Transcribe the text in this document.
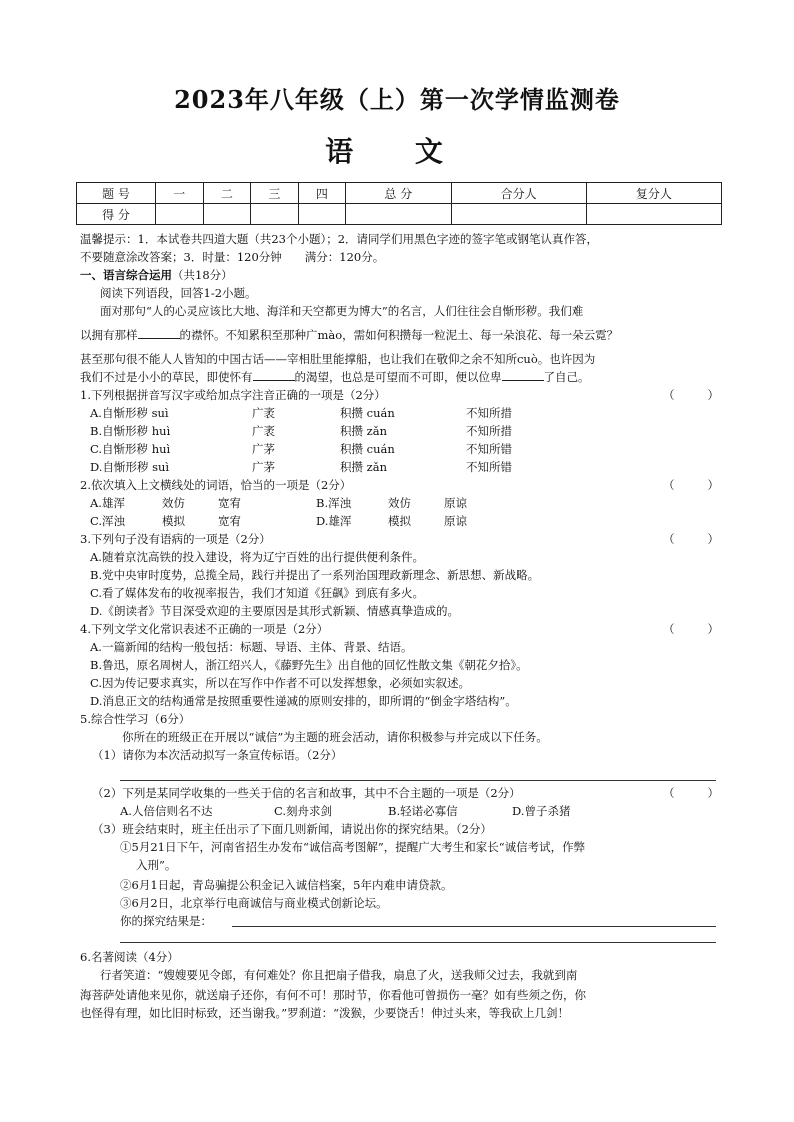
2023年八年级（上）第一次学情监测卷
语 文
题 号	一	二	三	四	总 分	合分人	复分人
得 分							
温馨提示：1．本试卷共四道大题（共23个小题）；2．请同学们用黑色字迹的签字笔或钢笔认真作答，
不要随意涂改答案；3．时量：120分钟　　满分：120分。
一、语言综合运用（共18分）
阅读下列语段，回答1-2小题。
面对那句“人的心灵应该比大地、海洋和天空都更为博大”的名言，人们往往会自惭形秽。我们难
以拥有那样	的襟怀。不知累积至那种广mào，需如何积攒每一粒泥土、每一朵浪花、每一朵云霓？
甚至那句很不能人人皆知的中国古话——宰相肚里能撑船，也让我们在敬仰之余不知所cuò。也许因为
我们不过是小小的草民，即使怀有	的渴望，也总是可望而不可即，便以位卑	了自己。
1.下列根据拼音写汉字或给加点字注音正确的一项是（2分）	（	）
A.自惭形秽 suì	广袤	积攒 cuán	不知所措
B.自惭形秽 huì	广袤	积攒 zǎn	不知所措
C.自惭形秽 huì	广茅	积攒 cuán	不知所错
D.自惭形秽 suì	广茅	积攒 zǎn	不知所错
2.依次填入上文横线处的词语，恰当的一项是（2分）	（	）
A.雄浑	效仿	宽宥	B.浑浊	效仿	原谅
C.浑浊	模拟	宽宥	D.雄浑	模拟	原谅
3.下列句子没有语病的一项是（2分）	（	）
A.随着京沈高铁的投入建设，将为辽宁百姓的出行提供便利条件。
B.党中央审时度势，总揽全局，践行并提出了一系列治国理政新理念、新思想、新战略。
C.看了媒体发布的收视率报告，我们才知道《狂飙》到底有多火。
D.《朗读者》节目深受欢迎的主要原因是其形式新颖、情感真挚造成的。
4.下列文学文化常识表述不正确的一项是（2分）	（	）
A.一篇新闻的结构一般包括：标题、导语、主体、背景、结语。
B.鲁迅，原名周树人，浙江绍兴人，《藤野先生》出自他的回忆性散文集《朝花夕拾》。
C.因为传记要求真实，所以在写作中作者不可以发挥想象，必须如实叙述。
D.消息正文的结构通常是按照重要性递减的原则安排的，即所谓的“倒金字塔结构”。
5.综合性学习（6分）
你所在的班级正在开展以“诚信”为主题的班会活动，请你积极参与并完成以下任务。
（1）请你为本次活动拟写一条宣传标语。（2分）
（2）下列是某同学收集的一些关于信的名言和故事，其中不合主题的一项是（2分）	（	）
A.人倍信则名不达	C.刻舟求剑	B.轻诺必寡信	D.曾子杀猪
（3）班会结束时，班主任出示了下面几则新闻，请说出你的探究结果。（2分）
①5月21日下午，河南省招生办发布“诚信高考图解”，提醒广大考生和家长“诚信考试，作弊
入刑”。
②6月1日起，青岛骗提公积金记入诚信档案，5年内难申请贷款。
③6月2日，北京举行电商诚信与商业模式创新论坛。
你的探究结果是：
6.名著阅读（4分）
行者笑道：“嫂嫂要见令郎，有何难处？你且把扇子借我，扇息了火，送我师父过去，我就到南
海菩萨处请他来见你，就送扇子还你，有何不可！那时节，你看他可曾损伤一毫？如有些须之伤，你
也怪得有理，如比旧时标致，还当谢我。”罗刹道：“泼猴，少要饶舌！伸过头来，等我砍上几剑！
